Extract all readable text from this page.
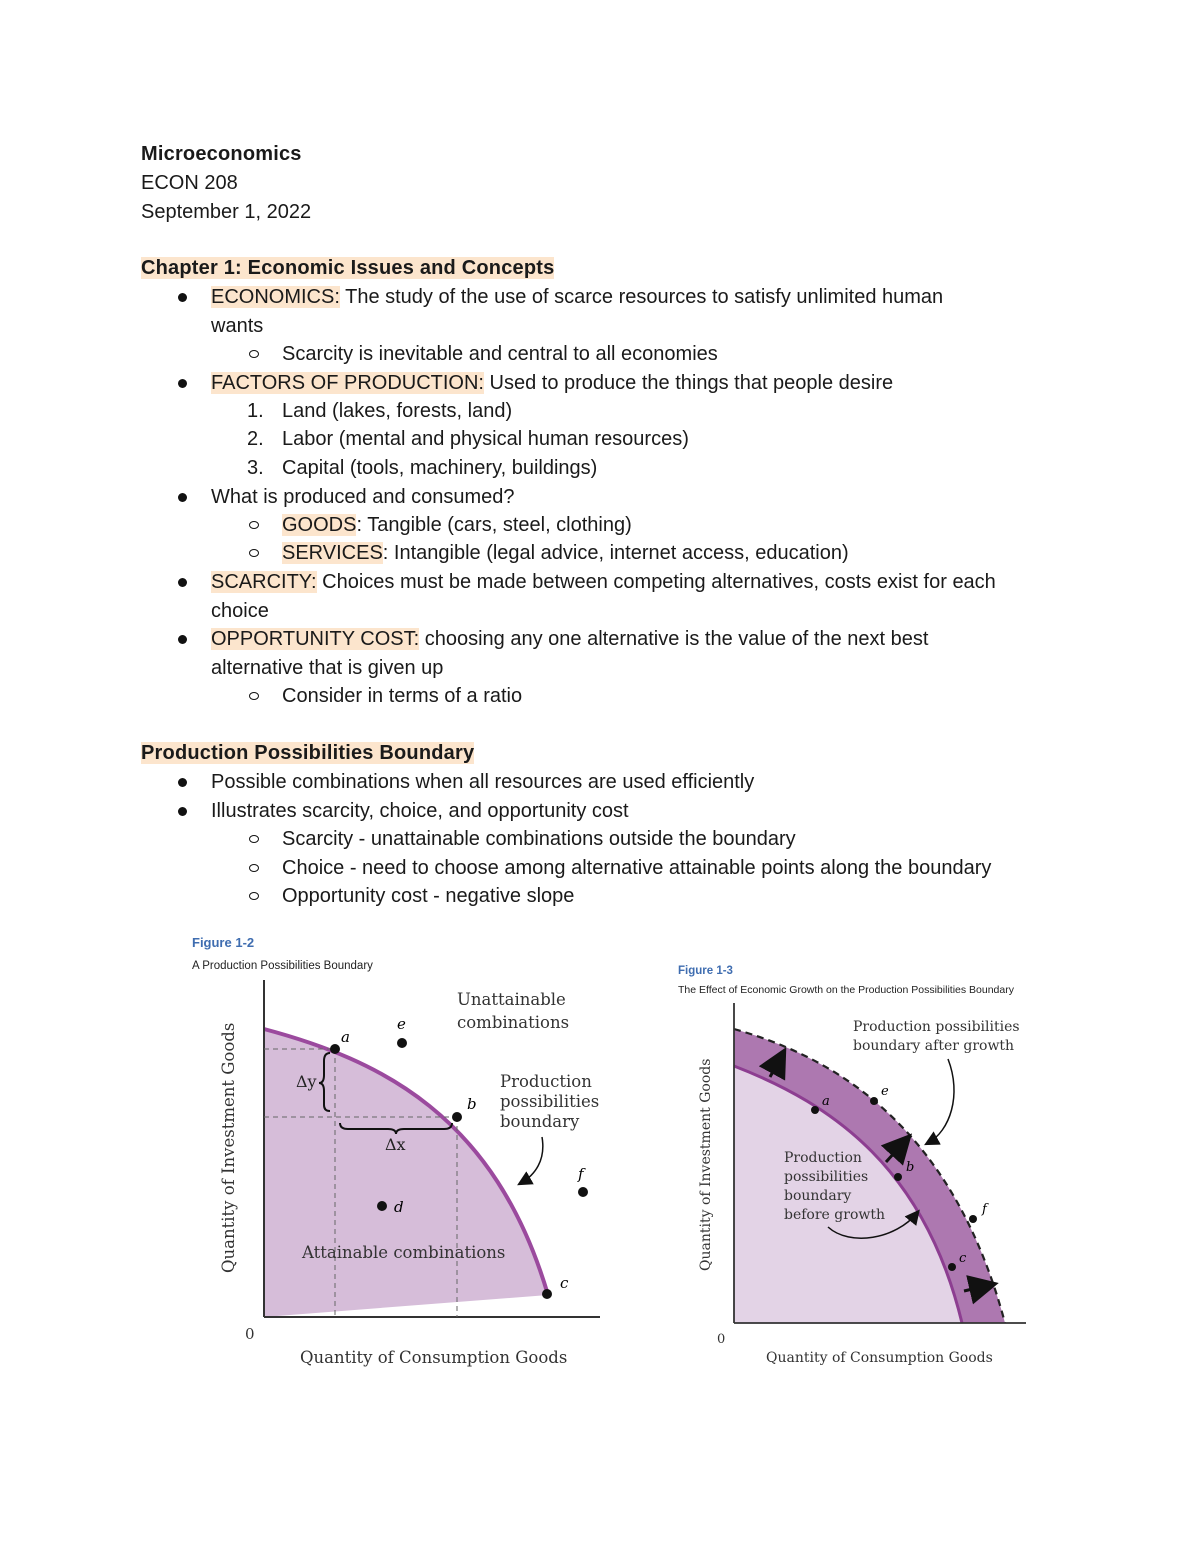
Microeconomics
ECON 208
September 1, 2022
Chapter 1: Economic Issues and Concepts
ECONOMICS: The study of the use of scarce resources to satisfy unlimited human
wants
Scarcity is inevitable and central to all economies
FACTORS OF PRODUCTION: Used to produce the things that people desire
1. Land (lakes, forests, land)
2. Labor (mental and physical human resources)
3. Capital (tools, machinery, buildings)
What is produced and consumed?
GOODS: Tangible (cars, steel, clothing)
SERVICES: Intangible (legal advice, internet access, education)
SCARCITY: Choices must be made between competing alternatives, costs exist for each
choice
OPPORTUNITY COST: choosing any one alternative is the value of the next best
alternative that is given up
Consider in terms of a ratio
Production Possibilities Boundary
Possible combinations when all resources are used efficiently
Illustrates scarcity, choice, and opportunity cost
Scarcity - unattainable combinations outside the boundary
Choice - need to choose among alternative attainable points along the boundary
Opportunity cost - negative slope
Figure 1-2
A Production Possibilities Boundary
Δy
Δx
a
b
c
d
e
f
Unattainable
combinations
Production
possibilities
boundary
Attainable combinations
0
Quantity of Consumption Goods
Quantity of Investment Goods
Figure 1-3
The Effect of Economic Growth on the Production Possibilities Boundary
a
b
c
e
f
Production possibilities
boundary after growth
Production
possibilities
boundary
before growth
0
Quantity of Consumption Goods
Quantity of Investment Goods
